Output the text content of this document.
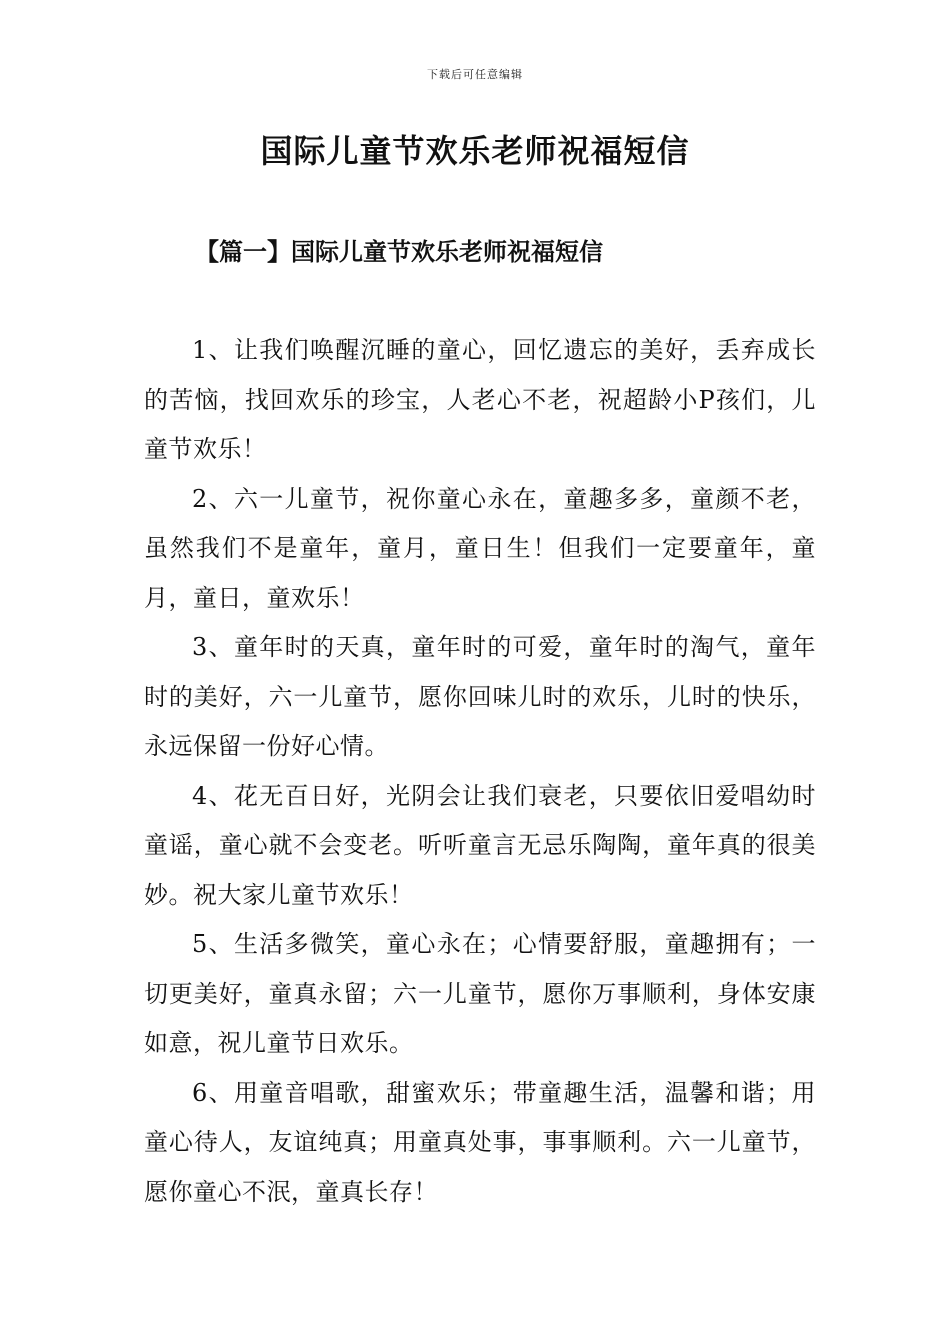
下载后可任意编辑
国际儿童节欢乐老师祝福短信
【篇一】国际儿童节欢乐老师祝福短信

1、让我们唤醒沉睡的童心，回忆遗忘的美好，丢弃成长的苦恼，找回欢乐的珍宝，人老心不老，祝超龄小P孩们，儿童节欢乐！

2、六一儿童节，祝你童心永在，童趣多多，童颜不老，虽然我们不是童年，童月，童日生！但我们一定要童年，童月，童日，童欢乐！

3、童年时的天真，童年时的可爱，童年时的淘气，童年时的美好，六一儿童节，愿你回味儿时的欢乐，儿时的快乐，永远保留一份好心情。

4、花无百日好，光阴会让我们衰老，只要依旧爱唱幼时童谣，童心就不会变老。听听童言无忌乐陶陶，童年真的很美妙。祝大家儿童节欢乐！

5、生活多微笑，童心永在；心情要舒服，童趣拥有；一切更美好，童真永留；六一儿童节，愿你万事顺利，身体安康如意，祝儿童节日欢乐。

6、用童音唱歌，甜蜜欢乐；带童趣生活，温馨和谐；用童心待人，友谊纯真；用童真处事，事事顺利。六一儿童节，愿你童心不泯，童真长存！
